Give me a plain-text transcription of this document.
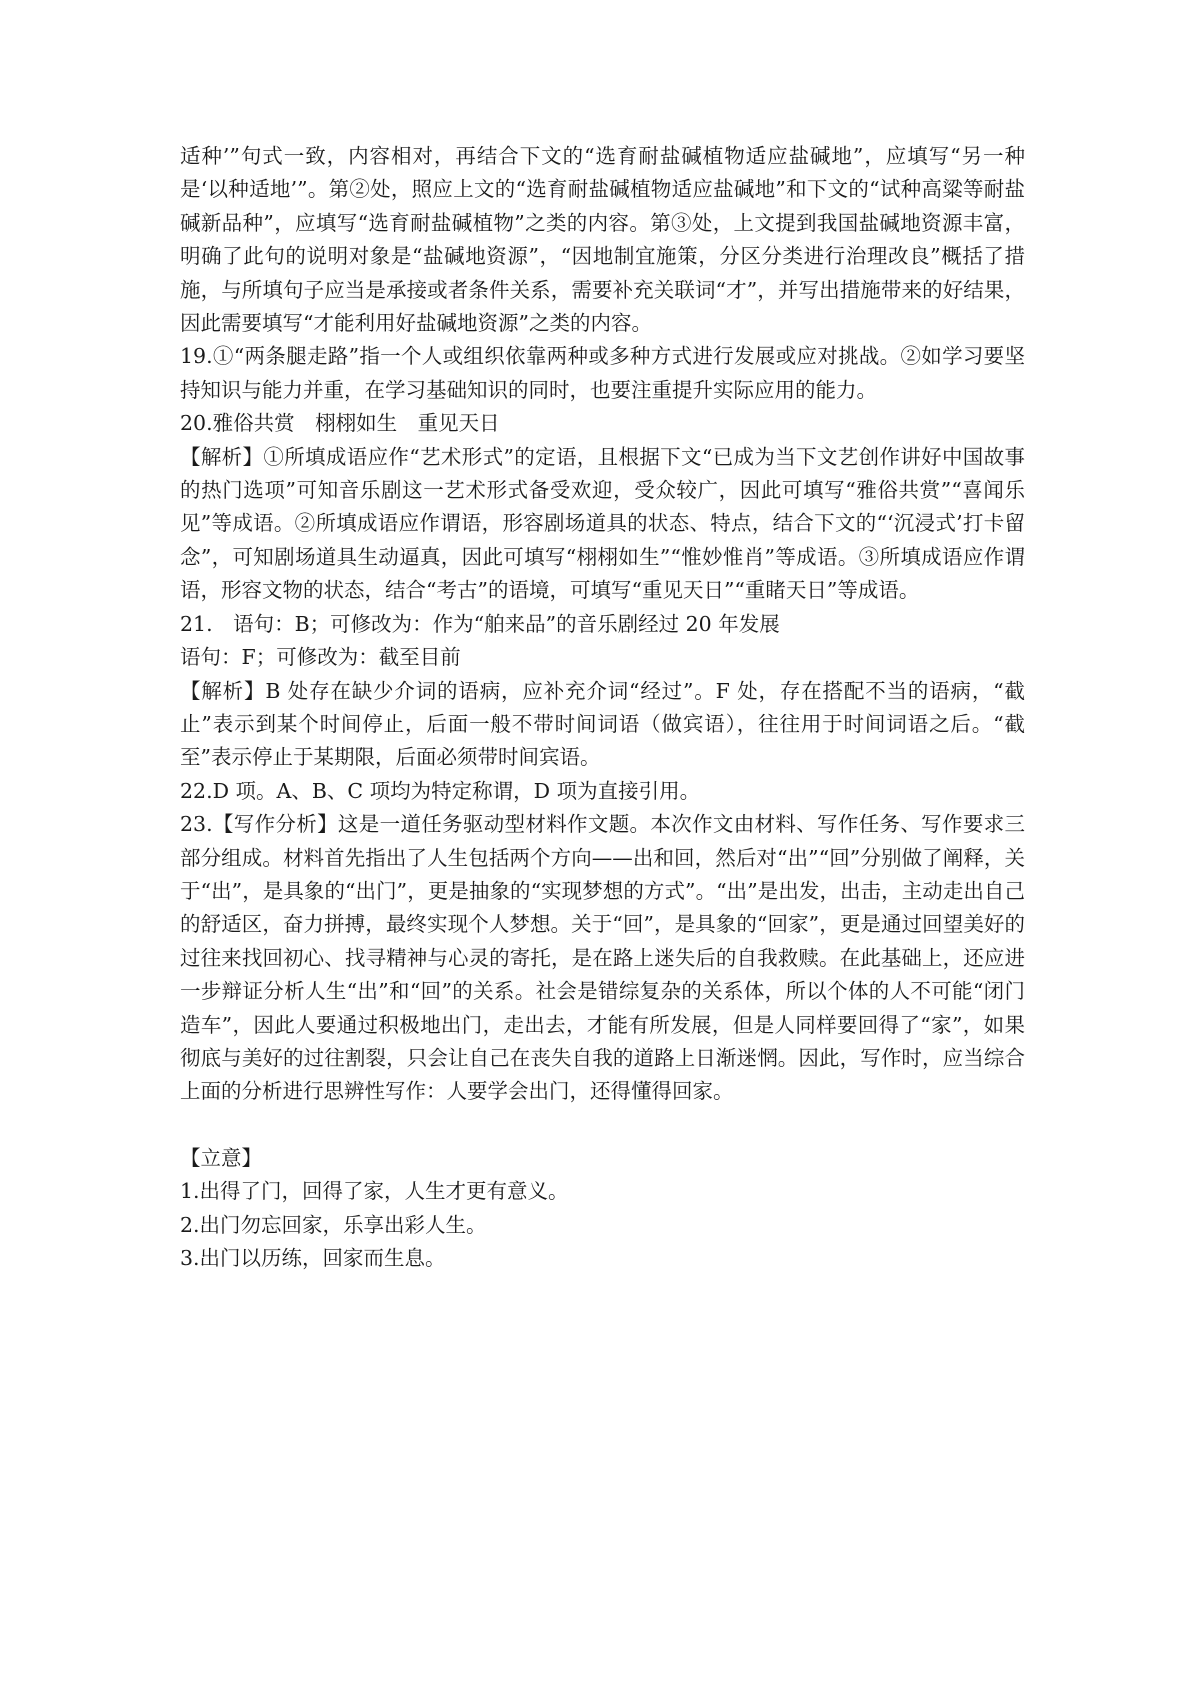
适种’”句式一致，内容相对，再结合下文的“选育耐盐碱植物适应盐碱地”，应填写“另一种是‘以种适地’”。第②处，照应上文的“选育耐盐碱植物适应盐碱地”和下文的“试种高粱等耐盐碱新品种”，应填写“选育耐盐碱植物”之类的内容。第③处，上文提到我国盐碱地资源丰富，明确了此句的说明对象是“盐碱地资源”，“因地制宜施策，分区分类进行治理改良”概括了措施，与所填句子应当是承接或者条件关系，需要补充关联词“才”，并写出措施带来的好结果，因此需要填写“才能利用好盐碱地资源”之类的内容。

19.①“两条腿走路”指一个人或组织依靠两种或多种方式进行发展或应对挑战。②如学习要坚持知识与能力并重，在学习基础知识的同时，也要注重提升实际应用的能力。

20.雅俗共赏　栩栩如生　重见天日

【解析】①所填成语应作“艺术形式”的定语，且根据下文“已成为当下文艺创作讲好中国故事的热门选项”可知音乐剧这一艺术形式备受欢迎，受众较广，因此可填写“雅俗共赏”“喜闻乐见”等成语。②所填成语应作谓语，形容剧场道具的状态、特点，结合下文的“‘沉浸式’打卡留念”，可知剧场道具生动逼真，因此可填写“栩栩如生”“惟妙惟肖”等成语。③所填成语应作谓语，形容文物的状态，结合“考古”的语境，可填写“重见天日”“重睹天日”等成语。

21.　语句：B；可修改为：作为“舶来品”的音乐剧经过 20 年发展

语句：F；可修改为：截至目前

【解析】B 处存在缺少介词的语病，应补充介词“经过”。F 处，存在搭配不当的语病，“截止”表示到某个时间停止，后面一般不带时间词语（做宾语），往往用于时间词语之后。“截至”表示停止于某期限，后面必须带时间宾语。

22.D 项。A、B、C 项均为特定称谓，D 项为直接引用。

23.【写作分析】这是一道任务驱动型材料作文题。本次作文由材料、写作任务、写作要求三部分组成。材料首先指出了人生包括两个方向——出和回，然后对“出”“回”分别做了阐释，关于“出”，是具象的“出门”，更是抽象的“实现梦想的方式”。“出”是出发，出击，主动走出自己的舒适区，奋力拼搏，最终实现个人梦想。关于“回”，是具象的“回家”，更是通过回望美好的过往来找回初心、找寻精神与心灵的寄托，是在路上迷失后的自我救赎。在此基础上，还应进一步辩证分析人生“出”和“回”的关系。社会是错综复杂的关系体，所以个体的人不可能“闭门造车”，因此人要通过积极地出门，走出去，才能有所发展，但是人同样要回得了“家”，如果彻底与美好的过往割裂，只会让自己在丧失自我的道路上日渐迷惘。因此，写作时，应当综合上面的分析进行思辨性写作：人要学会出门，还得懂得回家。

【立意】

1.出得了门，回得了家，人生才更有意义。

2.出门勿忘回家，乐享出彩人生。

3.出门以历练，回家而生息。
